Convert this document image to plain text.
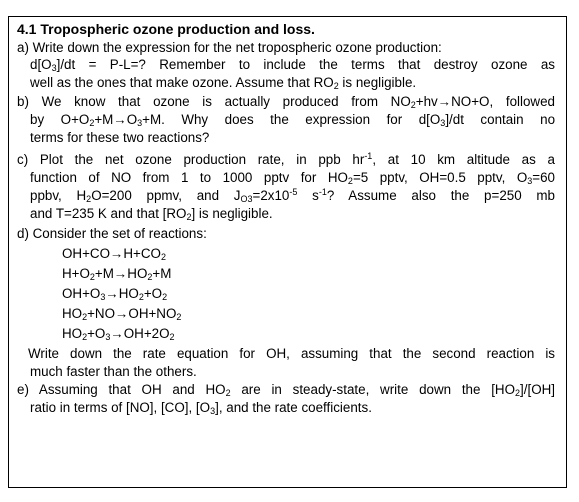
4.1 Tropospheric ozone production and loss.
a) Write down the expression for the net tropospheric ozone production:
$d[O_3]/dt = P-L=$? Remember to include the terms that destroy ozone as
well as the ones that make ozone. Assume that $RO_2$ is negligible.
b) We know that ozone is actually produced from $NO_2+hv\to NO+O$, followed
by $O+O_2+M\to O_3+M$. Why does the expression for $d[O_3]/dt$ contain no
terms for these two reactions?
c) Plot the net ozone production rate, in ppb $hr^{-1}$, at 10 km altitude as a
function of NO from 1 to 1000 pptv for $HO_2=5$ pptv, OH=0.5 pptv, $O_3=60$
ppbv, $H_2O=200$ ppmv, and $J_{O3}=2x10^{-5}$ $s^{-1}$? Assume also the p=250 mb
and T=235 K and that $[RO_2]$ is negligible.
d) Consider the set of reactions:
$OH+CO\to H+CO_2$
$H+O_2+M\to HO_2+M$
$OH+O_3\to HO_2+O_2$
$HO_2+NO\to OH+NO_2$
$HO_2+O_3\to OH+2O_2$
Write down the rate equation for OH, assuming that the second reaction is
much faster than the others.
e) Assuming that OH and $HO_2$ are in steady-state, write down the $[HO_2]/[OH]$
ratio in terms of [NO], [CO], $[O_3]$, and the rate coefficients.
